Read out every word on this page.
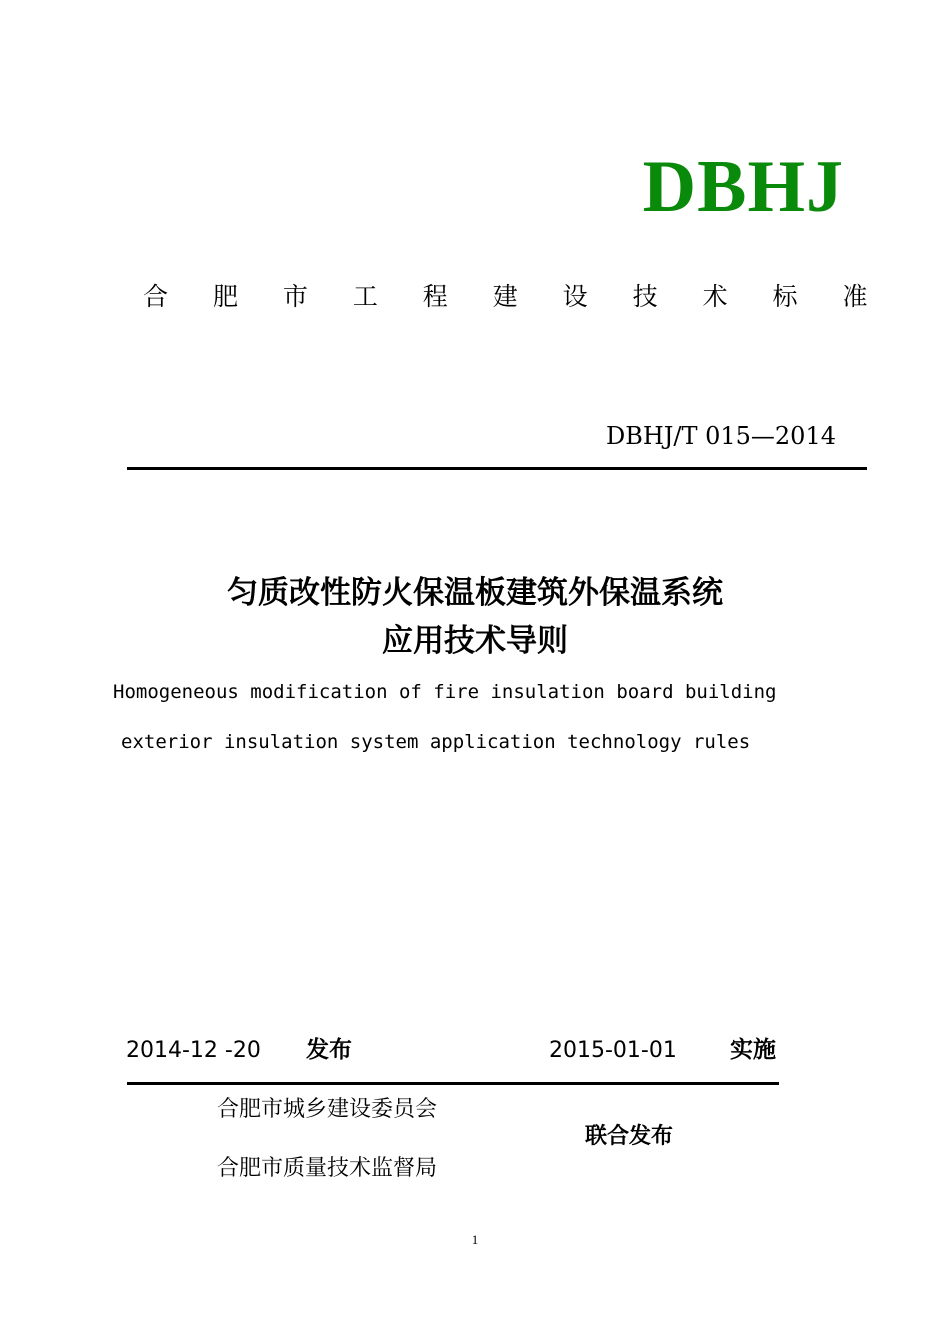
DBHJ
合 肥 市 工 程 建 设 技 术 标 准
DBHJ/T 015—2014
匀质改性防火保温板建筑外保温系统
应用技术导则
Homogeneous modification of fire insulation board building
exterior insulation system application technology rules
2014-12 -20 发布	2015-01-01 实施
合肥市城乡建设委员会
合肥市质量技术监督局
联合发布
1
